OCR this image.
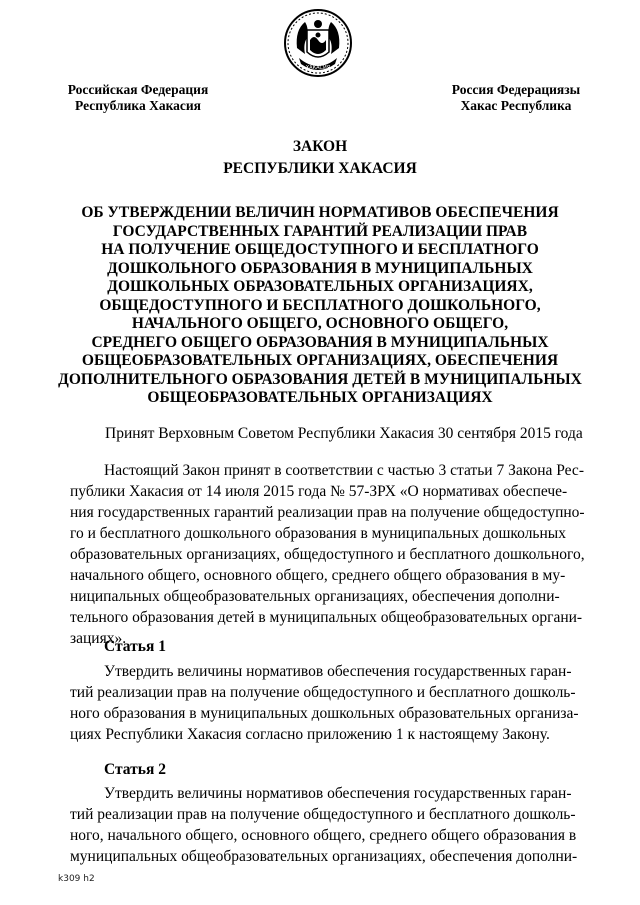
ХАКАСИЯ
Российская Федерация
Республика Хакасия
Россия Федерациязы
Хакас Республика
ЗАКОН
РЕСПУБЛИКИ ХАКАСИЯ
ОБ УТВЕРЖДЕНИИ ВЕЛИЧИН НОРМАТИВОВ ОБЕСПЕЧЕНИЯ
ГОСУДАРСТВЕННЫХ ГАРАНТИЙ РЕАЛИЗАЦИИ ПРАВ
НА ПОЛУЧЕНИЕ ОБЩЕДОСТУПНОГО И БЕСПЛАТНОГО
ДОШКОЛЬНОГО ОБРАЗОВАНИЯ В МУНИЦИПАЛЬНЫХ
ДОШКОЛЬНЫХ ОБРАЗОВАТЕЛЬНЫХ ОРГАНИЗАЦИЯХ,
ОБЩЕДОСТУПНОГО И БЕСПЛАТНОГО ДОШКОЛЬНОГО,
НАЧАЛЬНОГО ОБЩЕГО, ОСНОВНОГО ОБЩЕГО,
СРЕДНЕГО ОБЩЕГО ОБРАЗОВАНИЯ В МУНИЦИПАЛЬНЫХ
ОБЩЕОБРАЗОВАТЕЛЬНЫХ ОРГАНИЗАЦИЯХ, ОБЕСПЕЧЕНИЯ
ДОПОЛНИТЕЛЬНОГО ОБРАЗОВАНИЯ ДЕТЕЙ В МУНИЦИПАЛЬНЫХ
ОБЩЕОБРАЗОВАТЕЛЬНЫХ ОРГАНИЗАЦИЯХ
Принят Верховным Советом Республики Хакасия 30 сентября 2015 года

Настоящий Закон принят в соответствии с частью 3 статьи 7 Закона Рес-
публики Хакасия от 14 июля 2015 года № 57-ЗРХ «О нормативах обеспече-
ния государственных гарантий реализации прав на получение общедоступно-
го и бесплатного дошкольного образования в муниципальных дошкольных
образовательных организациях, общедоступного и бесплатного дошкольного,
начального общего, основного общего, среднего общего образования в му-
ниципальных общеобразовательных организациях, обеспечения дополни-
тельного образования детей в муниципальных общеобразовательных органи-
зациях».

Статья 1

Утвердить величины нормативов обеспечения государственных гаран-
тий реализации прав на получение общедоступного и бесплатного дошколь-
ного образования в муниципальных дошкольных образовательных организа-
циях Республики Хакасия согласно приложению 1 к настоящему Закону.

Статья 2

Утвердить величины нормативов обеспечения государственных гаран-
тий реализации прав на получение общедоступного и бесплатного дошколь-
ного, начального общего, основного общего, среднего общего образования в
муниципальных общеобразовательных организациях, обеспечения дополни-

k309 h2
